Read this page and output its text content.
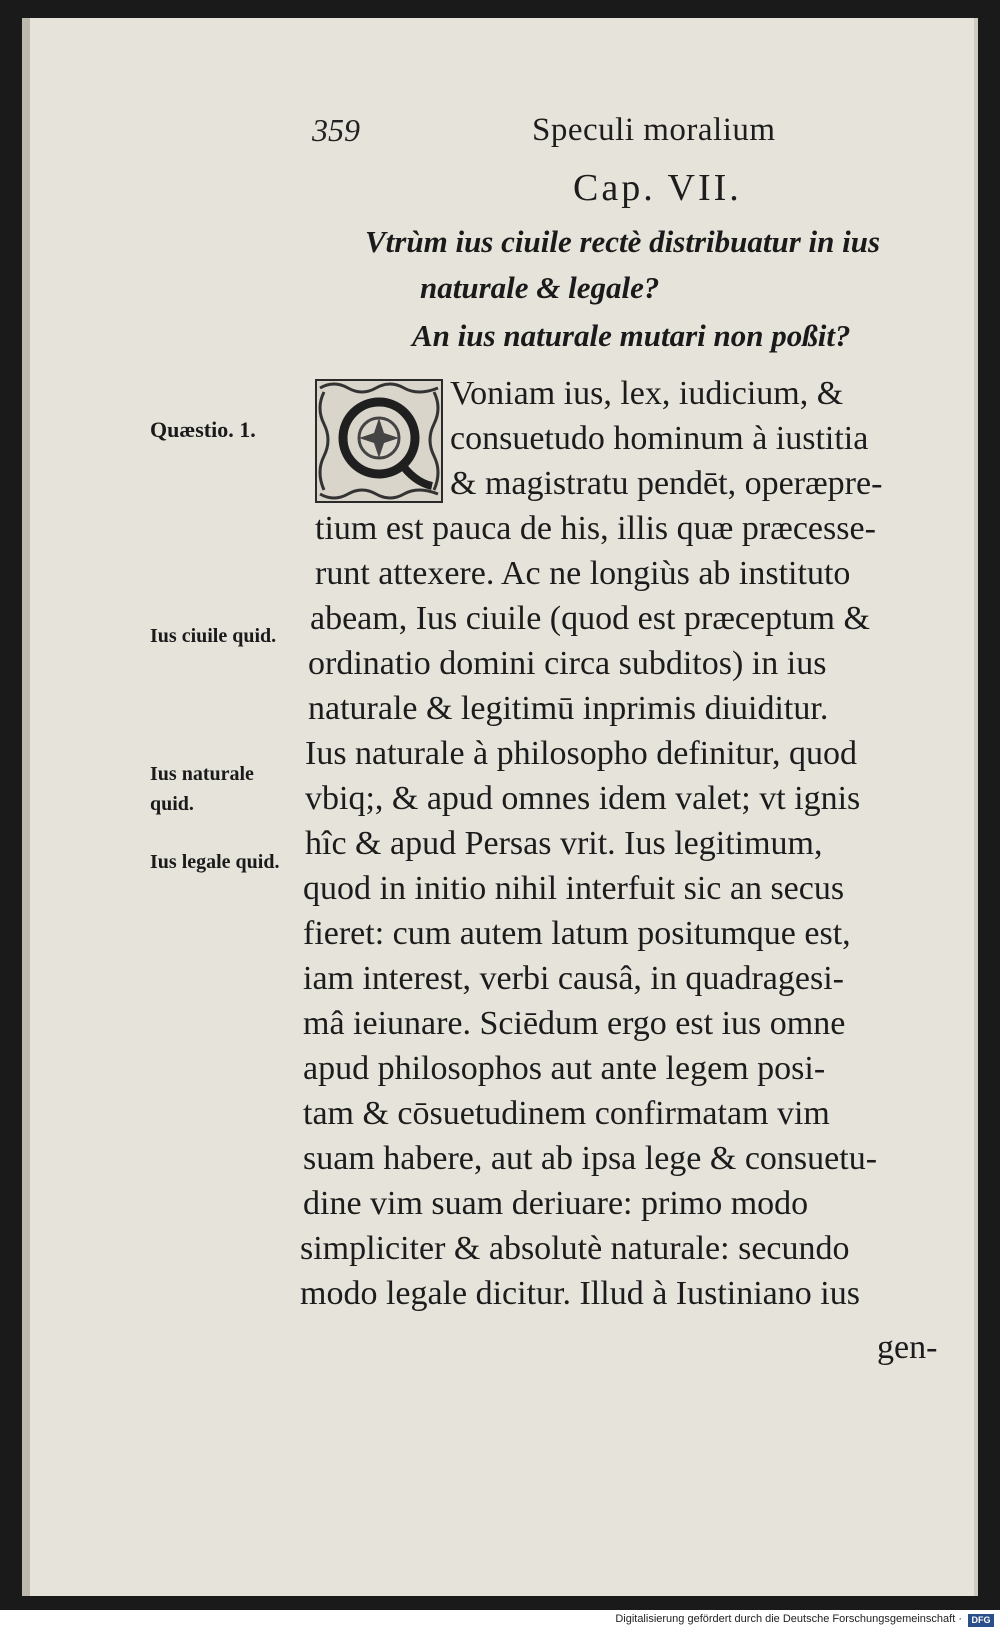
359	Speculi moralium
Cap. VII.
Vtrùm ius ciuile rectè distribuatur in ius
naturale & legale?
An ius naturale mutari non poßit?
Quæstio. 1.
Ius ciuile quid.
Ius naturale quid.
Ius legale quid.
Voniam ius, lex, iudicium, &
consuetudo hominum à iustitia
& magistratu pendēt, operæpre-
tium est pauca de his, illis quæ præcesse-
runt attexere. Ac ne longiùs ab instituto
abeam, Ius ciuile (quod est præceptum &
ordinatio domini circa subditos) in ius
naturale & legitimū inprimis diuiditur.
Ius naturale à philosopho definitur, quod
vbiq;, & apud omnes idem valet; vt ignis
hîc & apud Persas vrit. Ius legitimum,
quod in initio nihil interfuit sic an secus
fieret: cum autem latum positumque est,
iam interest, verbi causâ, in quadragesi-
mâ ieiunare. Sciēdum ergo est ius omne
apud philosophos aut ante legem posi-
tam & cōsuetudinem confirmatam vim
suam habere, aut ab ipsa lege & consuetu-
dine vim suam deriuare: primo modo
simpliciter & absolutè naturale: secundo
modo legale dicitur. Illud à Iustiniano ius
gen-
Digitalisierung gefördert durch die Deutsche Forschungsgemeinschaft ·	DFG
